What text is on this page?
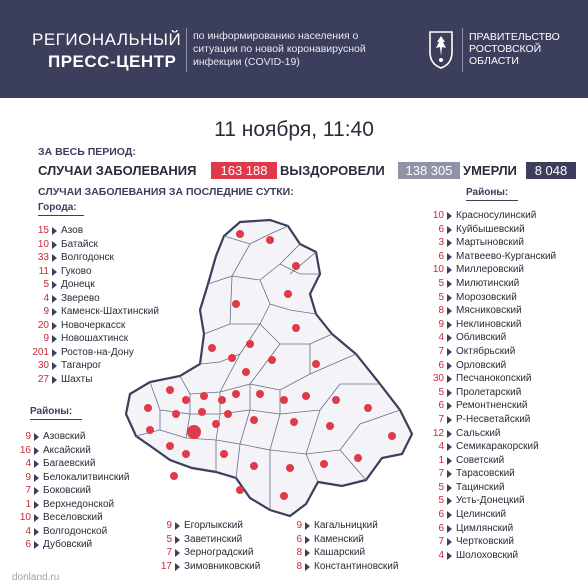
РЕГИОНАЛЬНЫЙ
ПРЕСС-ЦЕНТР
по информированию населения о ситуации по новой коронавирусной инфекции (COVID-19)
ПРАВИТЕЛЬСТВО РОСТОВСКОЙ ОБЛАСТИ
11 ноября, 11:40
ЗА ВЕСЬ ПЕРИОД:
СЛУЧАИ ЗАБОЛЕВАНИЯ	163 188 ВЫЗДОРОВЕЛИ	138 305 УМЕРЛИ	8 048
СЛУЧАИ ЗАБОЛЕВАНИЯ ЗА ПОСЛЕДНИЕ СУТКИ:
Города:
15 Азов
10 Батайск
33 Волгодонск
11 Гуково
5 Донецк
4 Зверево
9 Каменск-Шахтинский
20 Новочеркасск
9 Новошахтинск
201 Ростов-на-Дону
30 Таганрог
27 Шахты
Районы:
9 Азовский
16 Аксайский
4 Багаевский
9 Белокалитвинский
7 Боковский
1 Верхнедонской
10 Веселовский
4 Волгодонской
6 Дубовский
9 Егорлыкский
5 Заветинский
7 Зерноградский
17 Зимовниковский
9 Кагальницкий
6 Каменский
8 Кашарский
8 Константиновский
Районы:
10 Красносулинский
6 Куйбышевский
3 Мартыновский
6 Матвеево-Курганский
10 Миллеровский
5 Милютинский
5 Морозовский
8 Мясниковский
9 Неклиновский
4 Обливский
7 Октябрьский
6 Орловский
30 Песчанокопский
5 Пролетарский
6 Ремонтненский
7 Р-Несветайский
12 Сальский
4 Семикаракорский
1 Советский
7 Тарасовский
5 Тацинский
5 Усть-Донецкий
6 Целинский
6 Цимлянский
7 Чертковский
4 Шолоховский
donland.ru
